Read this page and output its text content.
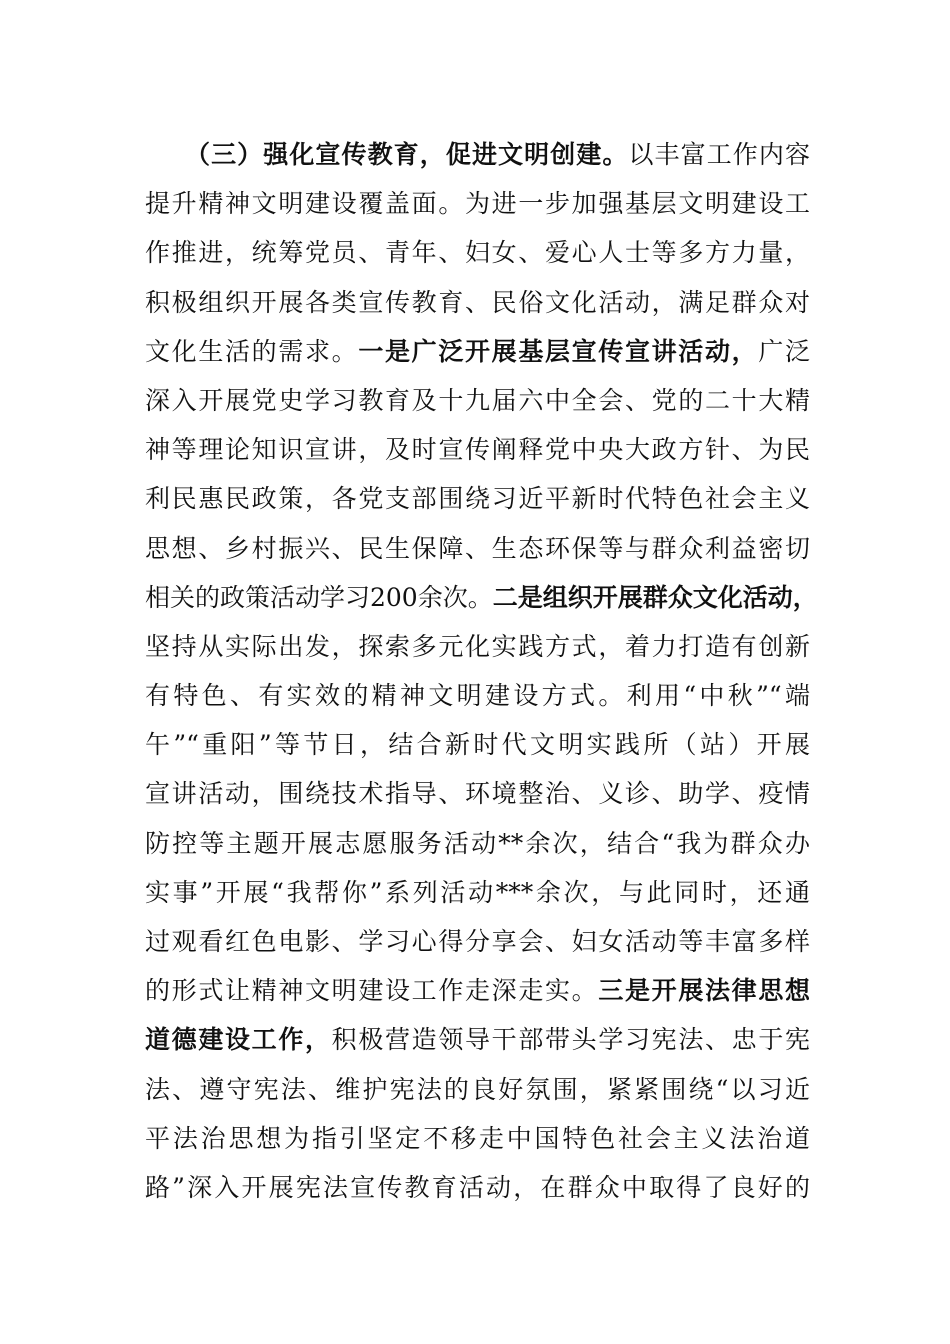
（三）强化宣传教育，促进文明创建。以丰富工作内容
提升精神文明建设覆盖面。为进一步加强基层文明建设工
作推进，统筹党员、青年、妇女、爱心人士等多方力量，
积极组织开展各类宣传教育、民俗文化活动，满足群众对
文化生活的需求。一是广泛开展基层宣传宣讲活动，广泛
深入开展党史学习教育及十九届六中全会、党的二十大精
神等理论知识宣讲，及时宣传阐释党中央大政方针、为民
利民惠民政策，各党支部围绕习近平新时代特色社会主义
思想、乡村振兴、民生保障、生态环保等与群众利益密切
相关的政策活动学习200余次。二是组织开展群众文化活动，
坚持从实际出发，探索多元化实践方式，着力打造有创新
有特色、有实效的精神文明建设方式。利用“中秋”“端
午”“重阳”等节日，结合新时代文明实践所（站）开展
宣讲活动，围绕技术指导、环境整治、义诊、助学、疫情
防控等主题开展志愿服务活动**余次，结合“我为群众办
实事”开展“我帮你”系列活动***余次，与此同时，还通
过观看红色电影、学习心得分享会、妇女活动等丰富多样
的形式让精神文明建设工作走深走实。三是开展法律思想
道德建设工作，积极营造领导干部带头学习宪法、忠于宪
法、遵守宪法、维护宪法的良好氛围，紧紧围绕“以习近
平法治思想为指引坚定不移走中国特色社会主义法治道
路”深入开展宪法宣传教育活动，在群众中取得了良好的
